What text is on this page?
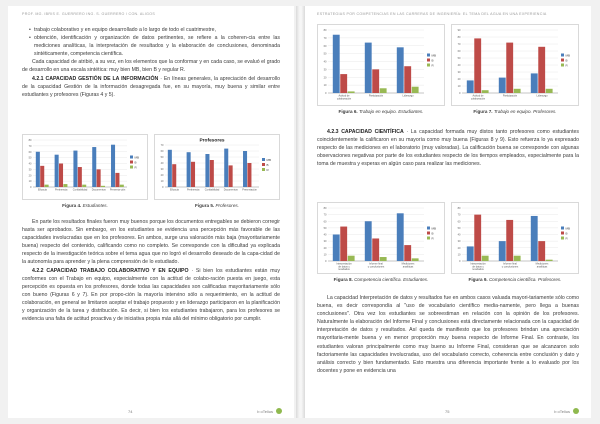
PROF. MG. IBRIS E. GUERRERO ING. S. GUERRERO / CON. ALIGOS

• trabajo colaborativo y en equipo desarrollado a lo largo de todo el cuatrimestre,

• obtención, identificación y organización de datos pertinentes, se refiere a la coheren-cia entre las mediciones analíticas, la interpretación de resultados y la elaboración de conclusiones, denominada sintéticamente, competencia científica.

Cada capacidad de atribió, a su vez, en los elementos que la conformar y en cada caso, se evaluó el grado de desarrollo en una escala sintética: muy bien MB, bien B y regular R.

4.2.1 CAPACIDAD GESTIÓN DE LA INFORMACIÓN · En líneas generales, la apreciación del desarrollo de la capacidad Gestión de la información desagregada fue, en su mayoría, muy buena y similar entre estudiantes y profesores (Figuras 4 y 5).

0
10
20
30
40
50
60
70
80
Eficacia	Pertinencia Confiabilidad Documentos Presenta-ción
MB
B
R
Figura 4. Estudiantes.
Profesores
0
10
20
30
40
50
60
70
Eficacia	Pertinencia Confiabilidad Documentos Presentación
MB
B
R
Figura 5. Profesores.

En parte los resultados finales fueron muy buenos porque los documentos entregables se debieron corregir hasta ser aprobados. Sin embargo, en los estudiantes se evidencia una percepción más favorable de las capacidades involucradas que en los profesores. En ambos, surge una valoración más baja (mayoritariamente buena) respecto del contenido, calificando como no completo. Se corresponde con la dificultad ya explicada respecto de la investigación teórica sobre el tema agua que no logró el desarrollo deseado de la capa-cidad de la autonomía para aprender y la plena comprensión de lo estudiado.

4.2.2 CAPACIDAD TRABAJO COLABORATIVO Y EN EQUIPO · Si bien los estudiantes están muy conformes con el Trabajo en equipo, especialmente con la actitud de colabo-ración puesta en juego, esta percepción es opuesta en los profesores, donde todas las capacidades son calificadas mayoritariamente sólo con bueno (Figuras 6 y 7). En por propo-ción la mayoría intervino sólo a requerimiento, en la actitud de colaboración, en general se limitaron aceptar el trabajo propuesto y en liderazgo participaron en la planificación y organización de la tarea y distribución. Es decir, si bien los estudiantes trabajaron, para los profesores se evidencia una falta de actitud proactiva y de iniciativa propia más allá del mínimo obligatorio por cumplir.

74	b oTelius
ESTRATEGIAS POR COMPETENCIAS EN LAS CARRERAS DE INGENIERÍA: EL TEMA DEL AGUA EN UNA EXPERIENCIA
0
10
20
30
40
50
60
70
80
Actitud de colaboración
Participación	Liderazgo
MB
B
R
Figura 6. Trabajo en equipo. Estudiantes.
0
10
20
30
40
50
60
70
80
90
Actitud de colaboración
Participación	Liderazgo
MB
B
R
Figura 7. Trabajo en equipo. Profesores.

4.2.3 CAPACIDAD CIENTÍFICA · La capacidad formada muy distos tanto profesores como estudiantes coincidentemente la calificaron en su mayoría como muy buena (Figuras 8 y 9). Esto refuerza lo ya expresado respecto de las mediciones en el laboratorio (muy valoradas). La calificación buena se corresponde con algunas observaciones negativas por parte de los estudiantes respecto de los tiempos empleados, especialmente para la toma de muestra y esperas en algún caso para realizar las mediciones.

0
10
20
30
40
50
60
70
80
Interpretación de datos y resultados
Informe final y conclusiones
Mediciones analíticas
MB
B
R
Figura 8. Competencia científica. Estudiantes.
0
10
20
30
40
50
60
70
80
Interpretación de datos y resultados
Informe final y conclusiones
Mediciones analíticas
MB
B
R
Figura 9. Competencia científica. Profesores.

La capacidad Interpretación de datos y resultados fue en ambos casos valuada mayori-tariamente sólo como buena, es decir correspondía al "uso de vocabulario científico media-namente, pero llega a buenas conclusiones". Otra vez los estudiantes se sobreestiman en relación con la opinión de los profesores. Naturalmente la elaboración del Informe Final y conclusiones está directamente relacionada con la capacidad de interpretación de datos y resultados. Así queda de manifiesto que los profesores brindan una apreciación mayoritaria-mente buena y en menor proporción muy buena respecto de Informe Final. En contraste, los estudiantes valoran principalmente como muy bueno su Informe Final, consideran que se alcanzaron solo factoriamente las capacidades involucradas, uso del vocabulario correcto, coherencia entre conclusión y dato y análisis correcto y bien fundamentado. Esto muestra una diferencia importante frente a lo evaluado por los docentes y pone en evidencia una

75	b oTelius
